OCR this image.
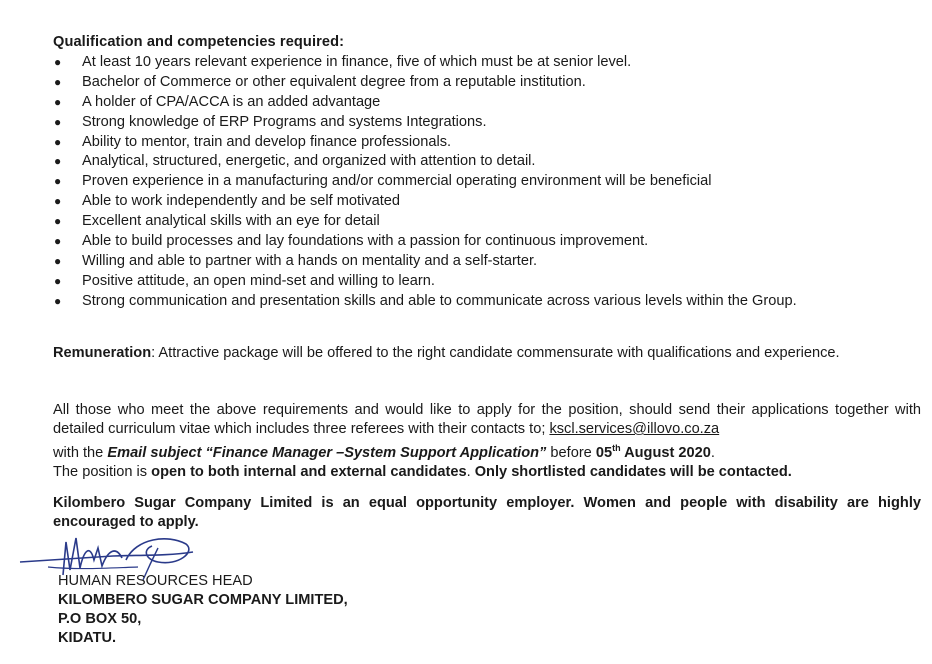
Qualification and competencies required:
● At least 10 years relevant experience in finance, five of which must be at senior level.
● Bachelor of Commerce or other equivalent degree from a reputable institution.
● A holder of CPA/ACCA is an added advantage
● Strong knowledge of ERP Programs and systems Integrations.
● Ability to mentor, train and develop finance professionals.
● Analytical, structured, energetic, and organized with attention to detail.
● Proven experience in a manufacturing and/or commercial operating environment will be beneficial
● Able to work independently and be self motivated
● Excellent analytical skills with an eye for detail
● Able to build processes and lay foundations with a passion for continuous improvement.
● Willing and able to partner with a hands on mentality and a self-starter.
● Positive attitude, an open mind-set and willing to learn.
● Strong communication and presentation skills and able to communicate across various levels within the Group.

Remuneration: Attractive package will be offered to the right candidate commensurate with qualifications and experience.

All those who meet the above requirements and would like to apply for the position, should send their applications together with detailed curriculum vitae which includes three referees with their contacts to; kscl.services@illovo.co.za
with the Email subject “Finance Manager –System Support Application” before 05th August 2020.
The position is open to both internal and external candidates. Only shortlisted candidates will be contacted.

Kilombero Sugar Company Limited is an equal opportunity employer. Women and people with disability are highly encouraged to apply.

HUMAN RESOURCES HEAD
KILOMBERO SUGAR COMPANY LIMITED,
P.O BOX 50,
KIDATU.
